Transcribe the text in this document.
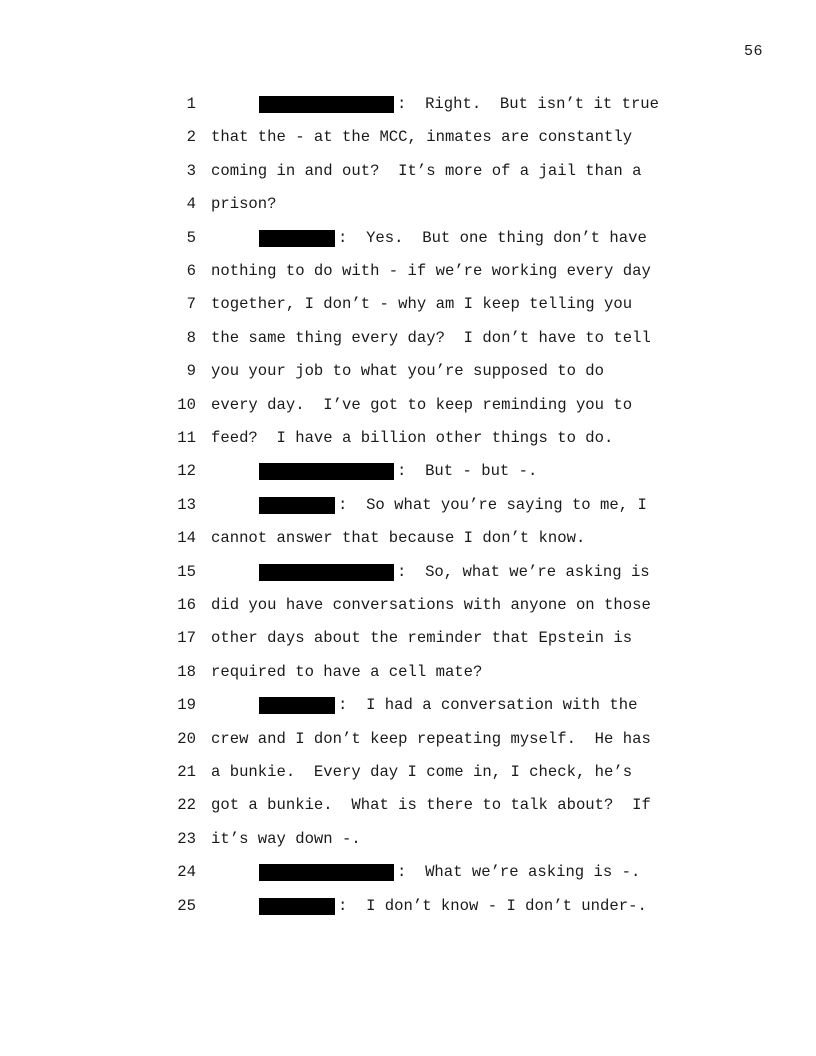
56
1	:  Right.  But isn’t it true
2 that the - at the MCC, inmates are constantly
3 coming in and out?  It’s more of a jail than a
4 prison?
5	:  Yes.  But one thing don’t have
6 nothing to do with - if we’re working every day
7 together, I don’t - why am I keep telling you
8 the same thing every day?  I don’t have to tell
9 you your job to what you’re supposed to do
10 every day.  I’ve got to keep reminding you to
11 feed?  I have a billion other things to do.
12	:  But - but -.
13	:  So what you’re saying to me, I
14 cannot answer that because I don’t know.
15	:  So, what we’re asking is
16 did you have conversations with anyone on those
17 other days about the reminder that Epstein is
18 required to have a cell mate?
19	:  I had a conversation with the
20 crew and I don’t keep repeating myself.  He has
21 a bunkie.  Every day I come in, I check, he’s
22 got a bunkie.  What is there to talk about?  If
23 it’s way down -.
24	:  What we’re asking is -.
25	:  I don’t know - I don’t under-.
